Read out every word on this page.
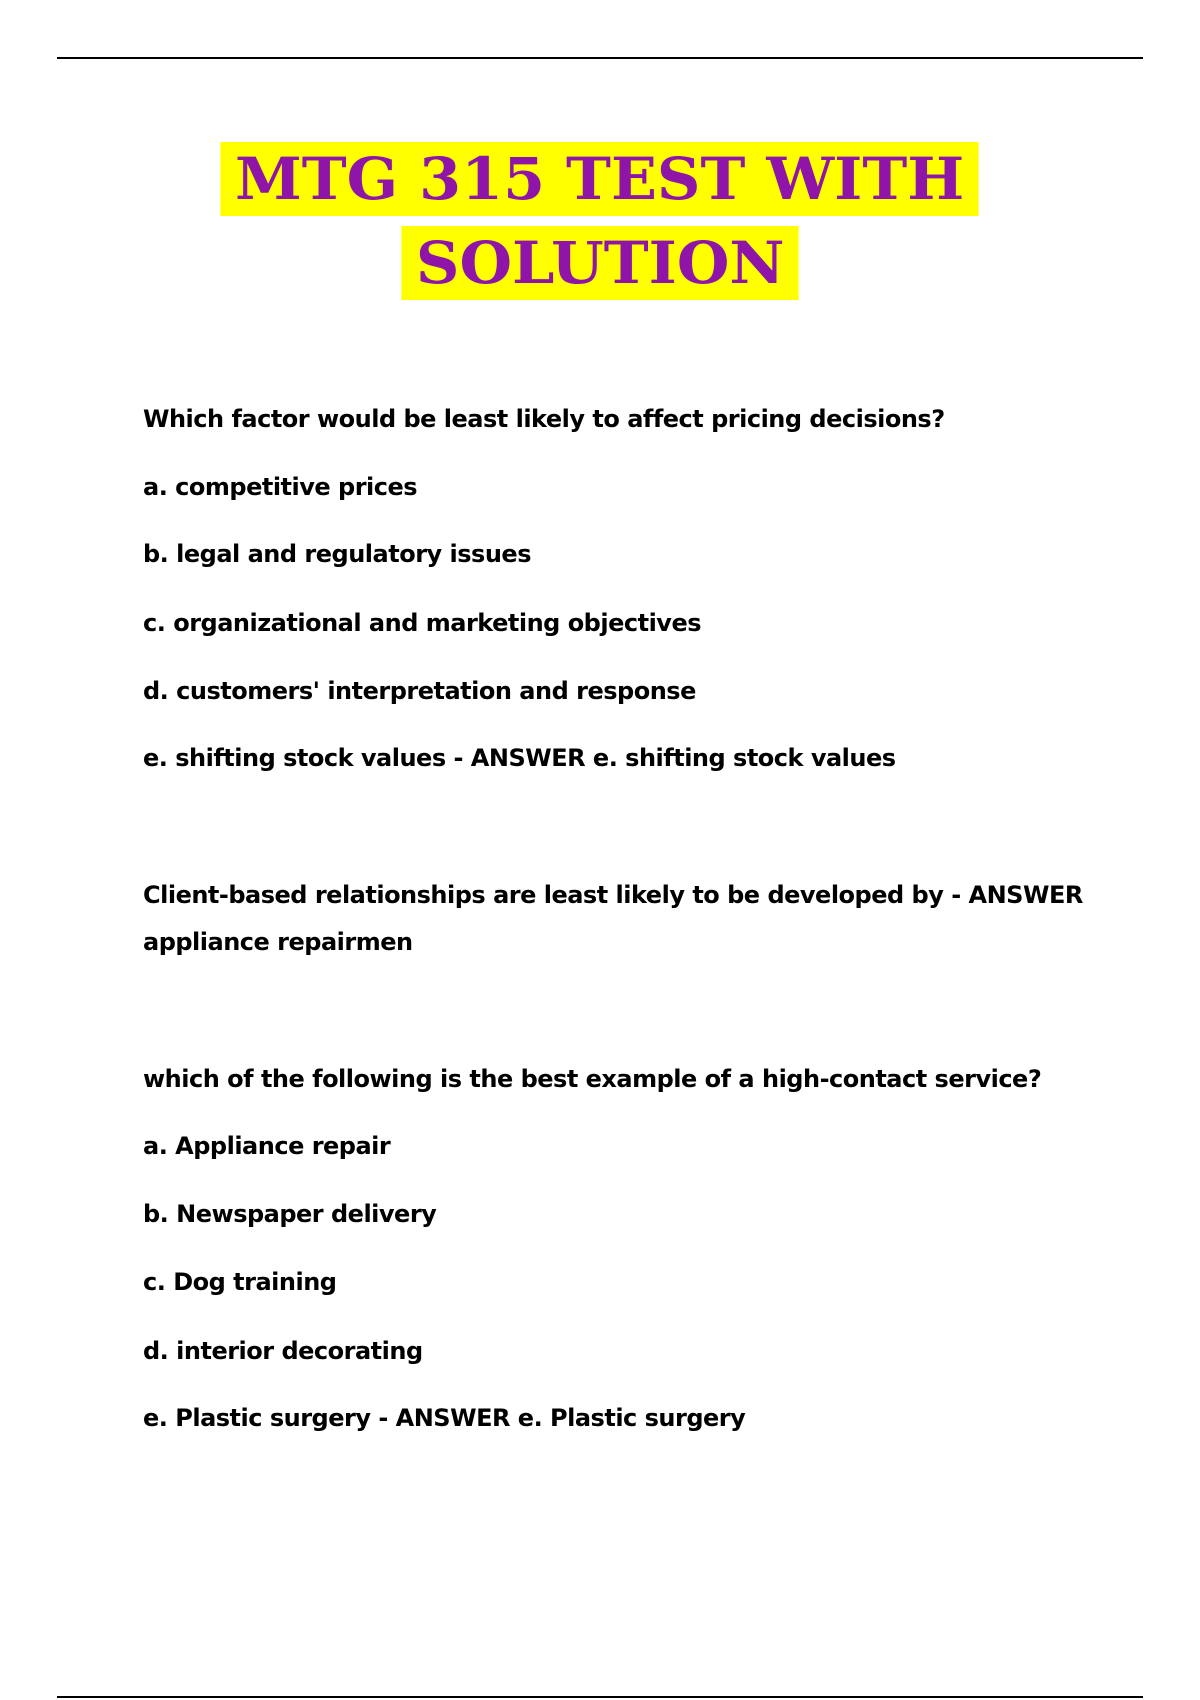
MTG 315 TEST WITH
SOLUTION
Which factor would be least likely to affect pricing decisions?
a. competitive prices
b. legal and regulatory issues
c. organizational and marketing objectives
d. customers' interpretation and response
e. shifting stock values - ANSWER e. shifting stock values
Client-based relationships are least likely to be developed by - ANSWER
appliance repairmen
which of the following is the best example of a high-contact service?
a. Appliance repair
b. Newspaper delivery
c. Dog training
d. interior decorating
e. Plastic surgery - ANSWER e. Plastic surgery
